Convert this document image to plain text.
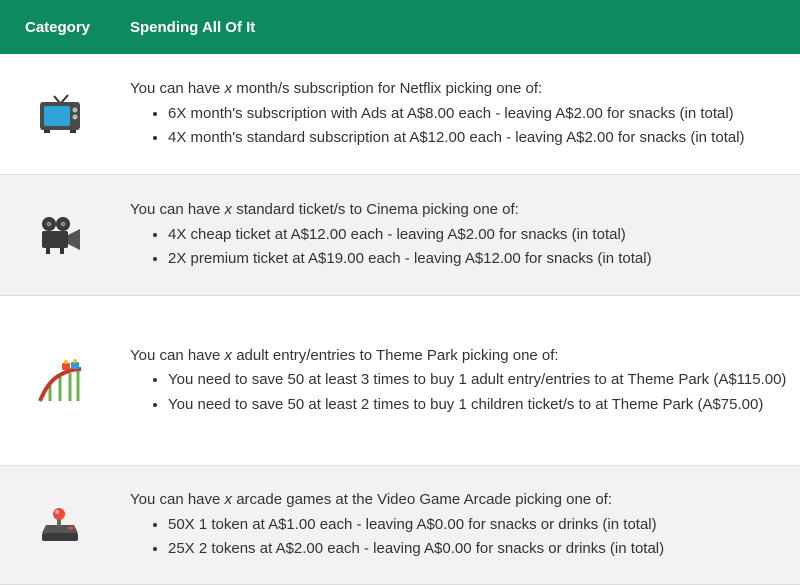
Category	Spending All Of It

You can have x month/s subscription for Netflix picking one of:

• 6X month's subscription with Ads at A$8.00 each - leaving A$2.00 for snacks (in total)
• 4X month's standard subscription at A$12.00 each - leaving A$2.00 for snacks (in total)

You can have x standard ticket/s to Cinema picking one of:

• 4X cheap ticket at A$12.00 each - leaving A$2.00 for snacks (in total)
• 2X premium ticket at A$19.00 each - leaving A$12.00 for snacks (in total)

You can have x adult entry/entries to Theme Park picking one of:

• You need to save 50 at least 3 times to buy 1 adult entry/entries to at Theme Park (A$115.00)
• You need to save 50 at least 2 times to buy 1 children ticket/s to at Theme Park (A$75.00)

You can have x arcade games at the Video Game Arcade picking one of:

• 50X 1 token at A$1.00 each - leaving A$0.00 for snacks or drinks (in total)
• 25X 2 tokens at A$2.00 each - leaving A$0.00 for snacks or drinks (in total)
